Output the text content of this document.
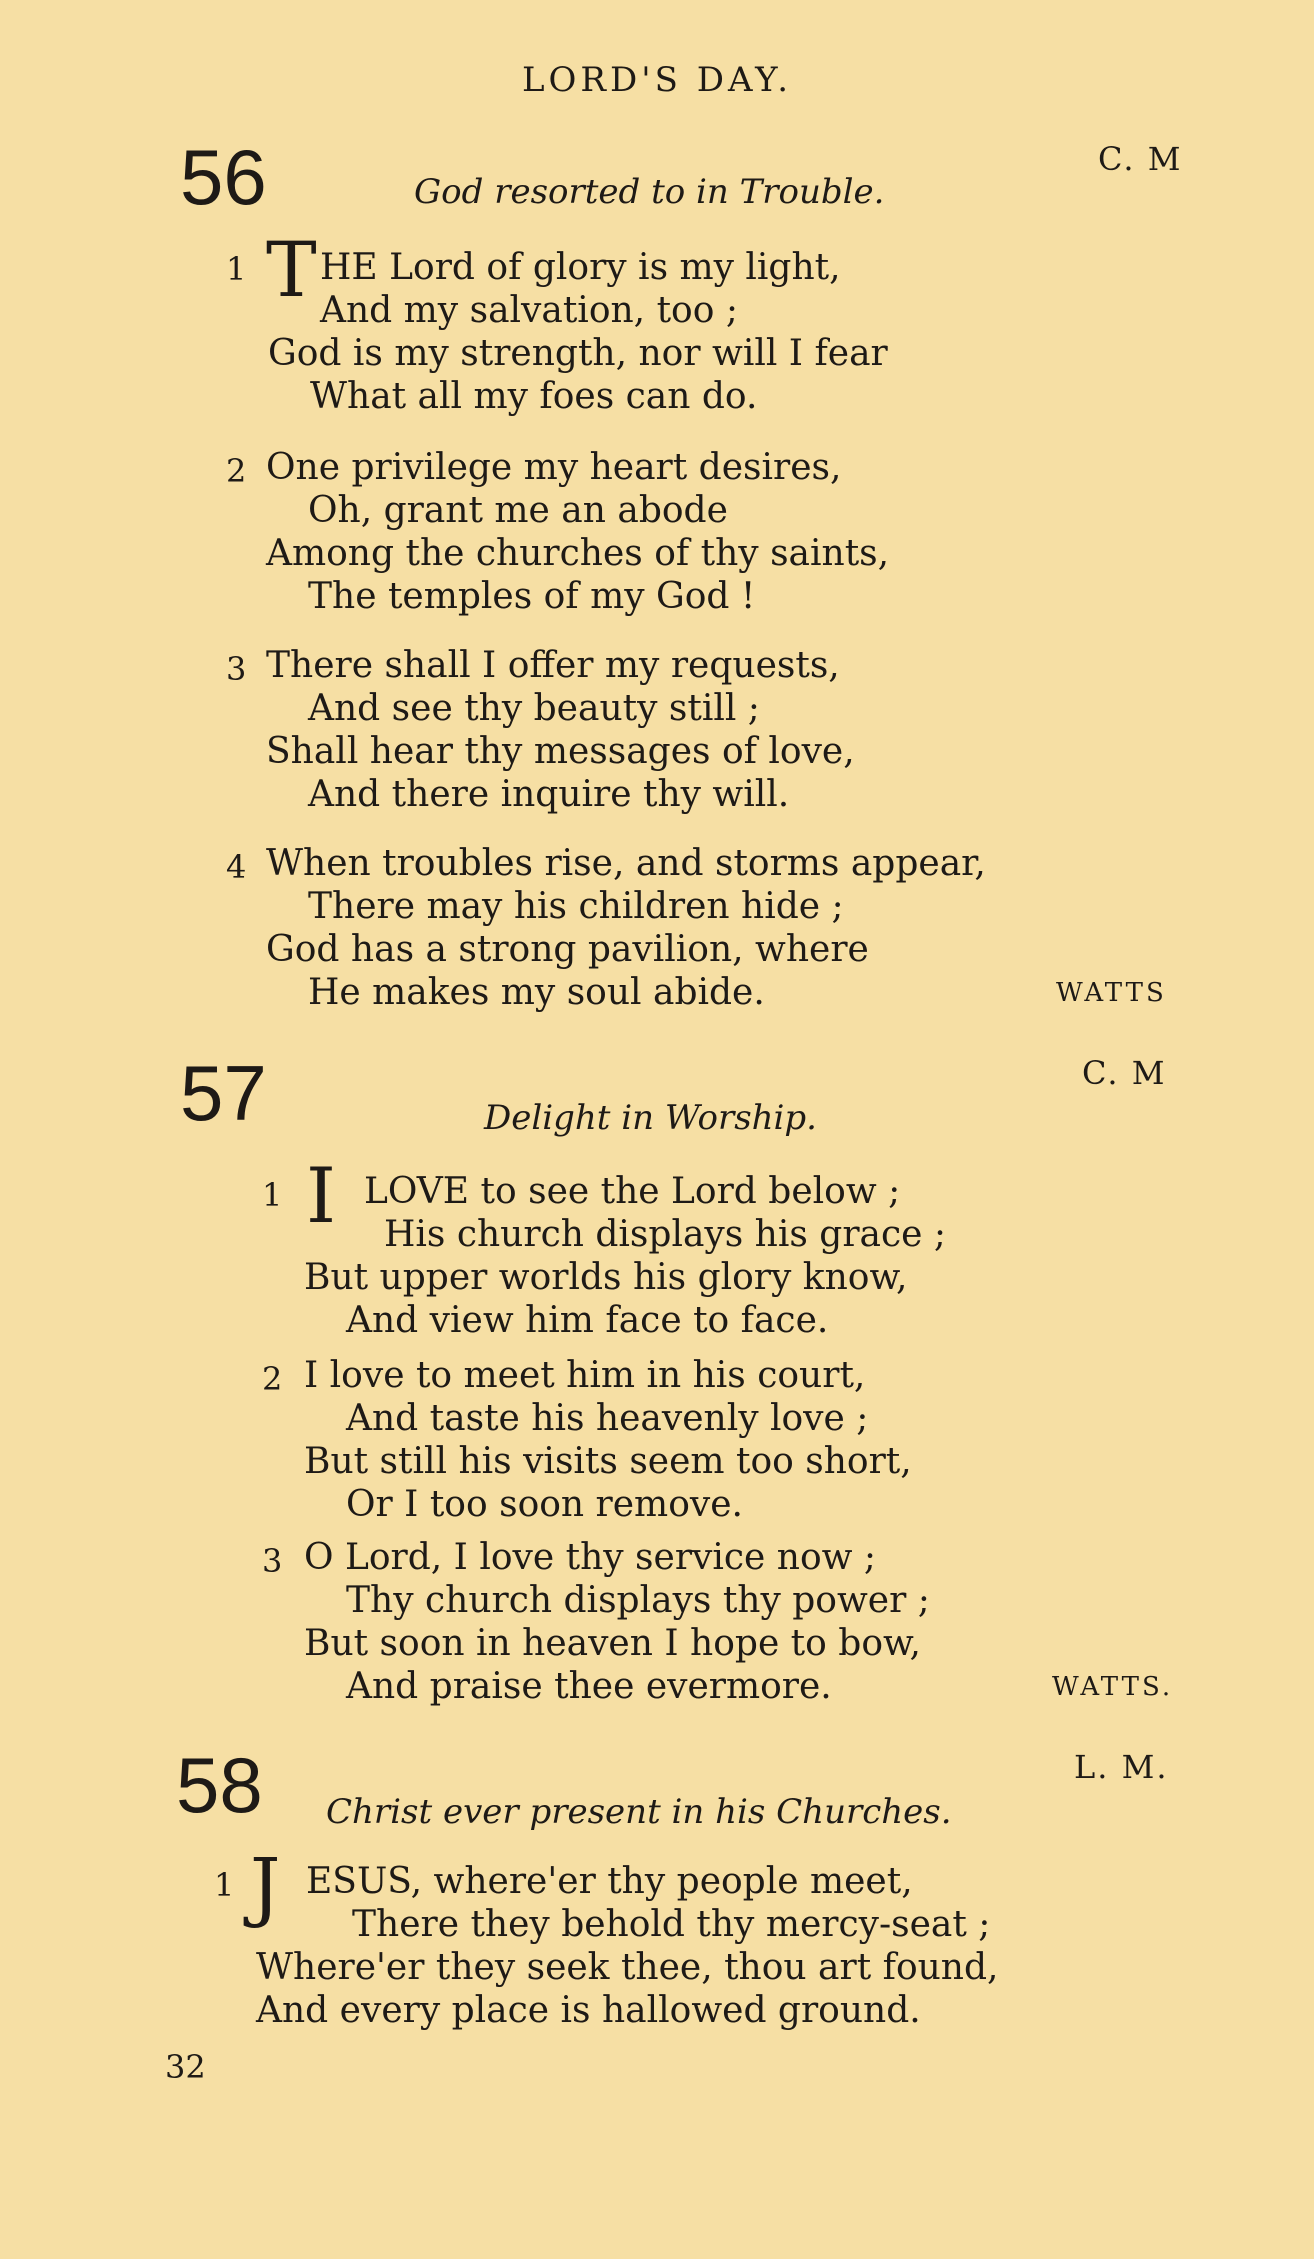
LORD'S DAY.
56	C. M
God resorted to in Trouble.
1 T HE Lord of glory is my light,
And my salvation, too ;
God is my strength, nor will I fear
What all my foes can do.
2 One privilege my heart desires,
Oh, grant me an abode
Among the churches of thy saints,
The temples of my God !
3 There shall I offer my requests,
And see thy beauty still ;
Shall hear thy messages of love,
And there inquire thy will.
4 When troubles rise, and storms appear,
There may his children hide ;
God has a strong pavilion, where
He makes my soul abide.	WATTS
57	C. M
Delight in Worship.
1 I LOVE to see the Lord below ;
His church displays his grace ;
But upper worlds his glory know,
And view him face to face.
2 I love to meet him in his court,
And taste his heavenly love ;
But still his visits seem too short,
Or I too soon remove.
3 O Lord, I love thy service now ;
Thy church displays thy power ;
But soon in heaven I hope to bow,
And praise thee evermore.	WATTS.
58	L. M.
Christ ever present in his Churches.
1 J ESUS, where'er thy people meet,
There they behold thy mercy-seat ;
Where'er they seek thee, thou art found,
And every place is hallowed ground.
32
